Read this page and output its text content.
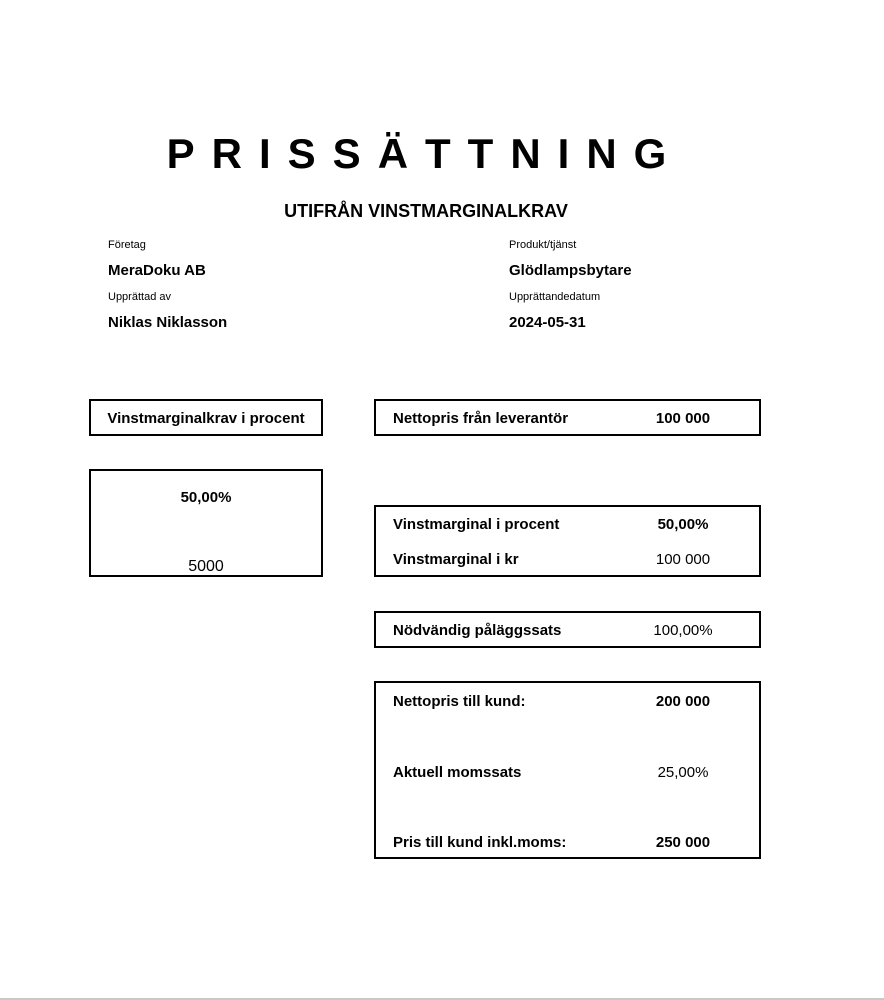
PRISSÄTTNING
UTIFRÅN VINSTMARGINALKRAV
Företag
MeraDoku AB
Produkt/tjänst
Glödlampsbytare
Upprättad av
Niklas Niklasson
Upprättandedatum
2024-05-31
Vinstmarginalkrav i procent
50,00%
5000
Nettopris från leverantör	100 000
Vinstmarginal i procent	50,00%
Vinstmarginal i kr	100 000
Nödvändig påläggssats	100,00%
Nettopris till kund:	200 000
Aktuell momssats	25,00%
Pris till kund inkl.moms:	250 000
